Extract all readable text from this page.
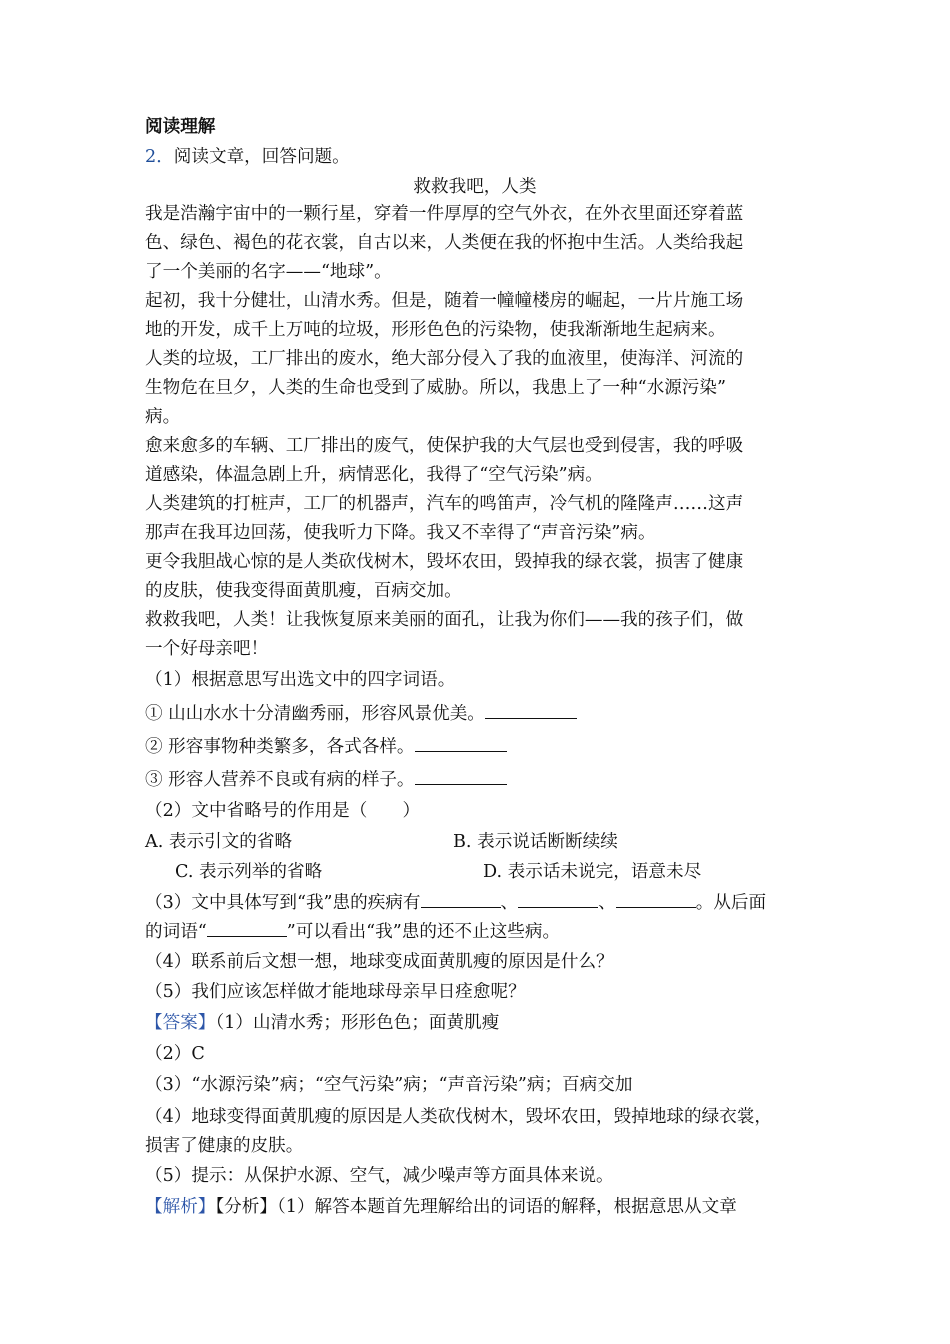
阅读理解
2．阅读文章，回答问题。
救救我吧，人类
我是浩瀚宇宙中的一颗行星，穿着一件厚厚的空气外衣，在外衣里面还穿着蓝
色、绿色、褐色的花衣裳，自古以来，人类便在我的怀抱中生活。人类给我起
了一个美丽的名字——“地球”。
起初，我十分健壮，山清水秀。但是，随着一幢幢楼房的崛起，一片片施工场
地的开发，成千上万吨的垃圾，形形色色的污染物，使我渐渐地生起病来。
人类的垃圾，工厂排出的废水，绝大部分侵入了我的血液里，使海洋、河流的
生物危在旦夕，人类的生命也受到了威胁。所以，我患上了一种“水源污染”
病。
愈来愈多的车辆、工厂排出的废气，使保护我的大气层也受到侵害，我的呼吸
道感染，体温急剧上升，病情恶化，我得了“空气污染”病。
人类建筑的打桩声，工厂的机器声，汽车的鸣笛声，冷气机的隆隆声……这声
那声在我耳边回荡，使我听力下降。我又不幸得了“声音污染”病。
更令我胆战心惊的是人类砍伐树木，毁坏农田，毁掉我的绿衣裳，损害了健康
的皮肤，使我变得面黄肌瘦，百病交加。
救救我吧，人类！让我恢复原来美丽的面孔，让我为你们——我的孩子们，做
一个好母亲吧！
（1）根据意思写出选文中的四字词语。
① 山山水水十分清幽秀丽，形容风景优美。
② 形容事物种类繁多，各式各样。
③ 形容人营养不良或有病的样子。
（2）文中省略号的作用是（　　）
A. 表示引文的省略	B. 表示说话断断续续
C. 表示列举的省略	D. 表示话未说完，语意未尽
（3）文中具体写到“我”患的疾病有	、	、	。从后面
的词语“	”可以看出“我”患的还不止这些病。
（4）联系前后文想一想，地球变成面黄肌瘦的原因是什么？
（5）我们应该怎样做才能地球母亲早日痊愈呢？
【答案】（1）山清水秀；形形色色；面黄肌瘦
（2）C
（3）“水源污染”病；“空气污染”病；“声音污染”病；百病交加
（4）地球变得面黄肌瘦的原因是人类砍伐树木，毁坏农田，毁掉地球的绿衣裳，
损害了健康的皮肤。
（5）提示：从保护水源、空气，减少噪声等方面具体来说。
【解析】【分析】（1）解答本题首先理解给出的词语的解释，根据意思从文章
